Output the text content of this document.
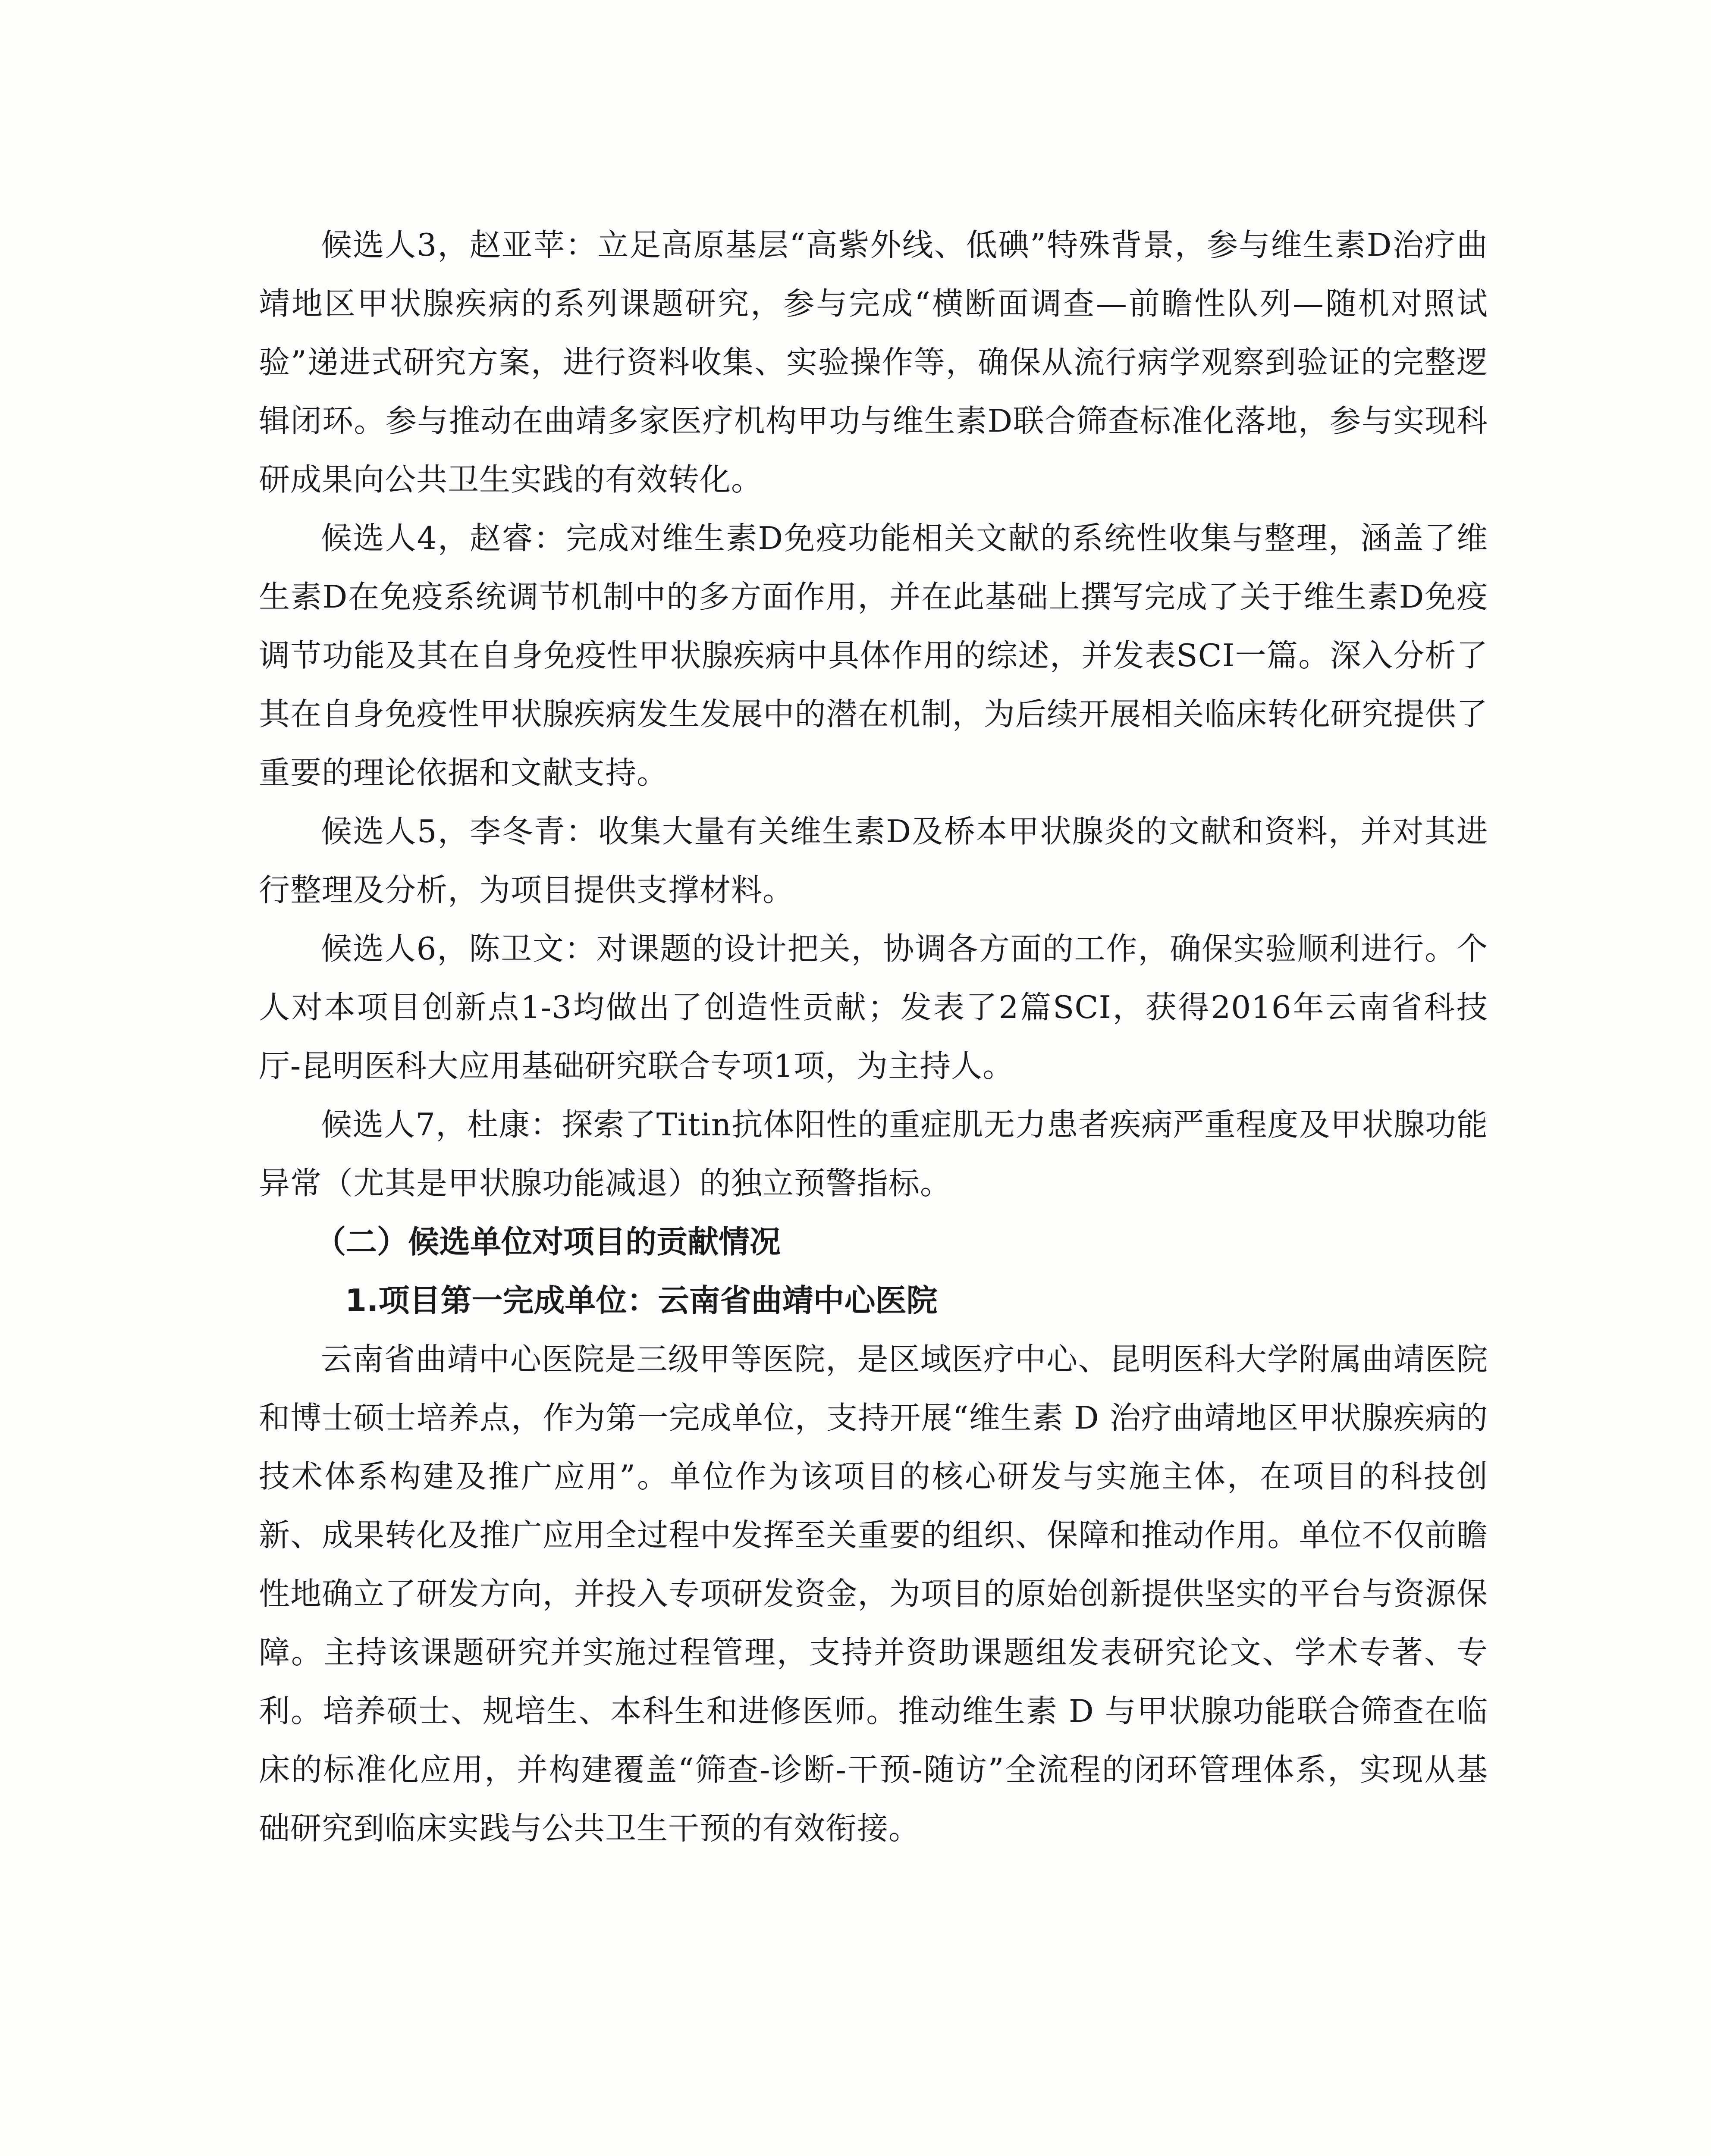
候选人3，赵亚苹：立足高原基层“高紫外线、低碘”特殊背景，参与维生素D治疗曲靖地区甲状腺疾病的系列课题研究，参与完成“横断面调查—前瞻性队列—随机对照试验”递进式研究方案，进行资料收集、实验操作等，确保从流行病学观察到验证的完整逻辑闭环。参与推动在曲靖多家医疗机构甲功与维生素D联合筛查标准化落地，参与实现科研成果向公共卫生实践的有效转化。

候选人4，赵睿：完成对维生素D免疫功能相关文献的系统性收集与整理，涵盖了维生素D在免疫系统调节机制中的多方面作用，并在此基础上撰写完成了关于维生素D免疫调节功能及其在自身免疫性甲状腺疾病中具体作用的综述，并发表SCI一篇。深入分析了其在自身免疫性甲状腺疾病发生发展中的潜在机制，为后续开展相关临床转化研究提供了重要的理论依据和文献支持。

候选人5，李冬青：收集大量有关维生素D及桥本甲状腺炎的文献和资料，并对其进行整理及分析，为项目提供支撑材料。

候选人6，陈卫文：对课题的设计把关，协调各方面的工作，确保实验顺利进行。个人对本项目创新点1-3均做出了创造性贡献；发表了2篇SCI，获得2016年云南省科技厅-昆明医科大应用基础研究联合专项1项，为主持人。

候选人7，杜康：探索了Titin抗体阳性的重症肌无力患者疾病严重程度及甲状腺功能异常（尤其是甲状腺功能减退）的独立预警指标。

（二）候选单位对项目的贡献情况

1.项目第一完成单位：云南省曲靖中心医院

云南省曲靖中心医院是三级甲等医院，是区域医疗中心、昆明医科大学附属曲靖医院和博士硕士培养点，作为第一完成单位，支持开展“维生素 D 治疗曲靖地区甲状腺疾病的技术体系构建及推广应用”。单位作为该项目的核心研发与实施主体，在项目的科技创新、成果转化及推广应用全过程中发挥至关重要的组织、保障和推动作用。单位不仅前瞻性地确立了研发方向，并投入专项研发资金，为项目的原始创新提供坚实的平台与资源保障。主持该课题研究并实施过程管理，支持并资助课题组发表研究论文、学术专著、专利。培养硕士、规培生、本科生和进修医师。推动维生素 D 与甲状腺功能联合筛查在临床的标准化应用，并构建覆盖“筛查-诊断-干预-随访”全流程的闭环管理体系，实现从基础研究到临床实践与公共卫生干预的有效衔接。
